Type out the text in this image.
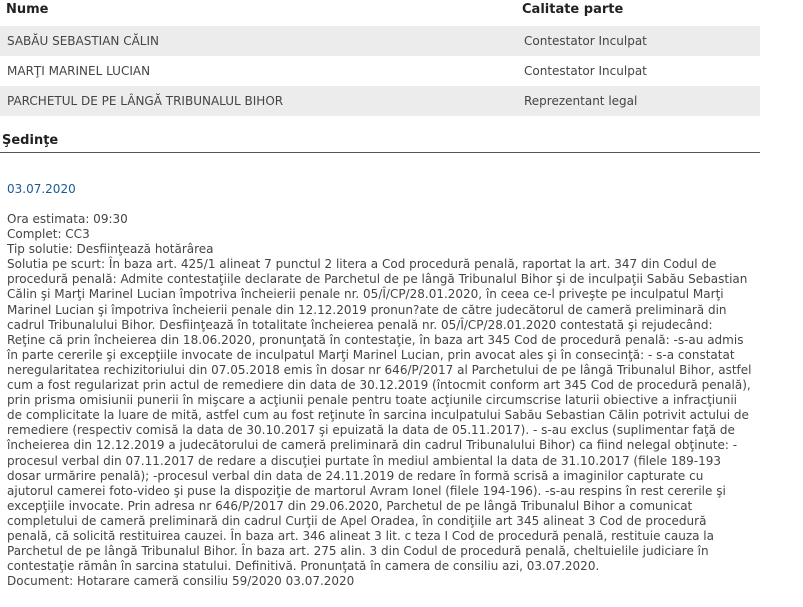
Nume	Calitate parte
SABĂU SEBASTIAN CĂLIN	Contestator Inculpat
MARŢI MARINEL LUCIAN	Contestator Inculpat
PARCHETUL DE PE LÂNGĂ TRIBUNALUL BIHOR	Reprezentant legal
Şedinţe
03.07.2020
Ora estimata: 09:30
Complet: CC3
Tip solutie: Desfiinţează hotărârea
Solutia pe scurt: În baza art. 425/1 alineat 7 punctul 2 litera a Cod procedură penală, raportat la art. 347 din Codul de procedură penală: Admite contestaţiile declarate de Parchetul de pe lângă Tribunalul Bihor şi de inculpaţii Sabău Sebastian Călin şi Marţi Marinel Lucian împotriva încheierii penale nr. 05/Î/CP/28.01.2020, în ceea ce-l priveşte pe inculpatul Marţi Marinel Lucian şi împotriva încheierii penale din 12.12.2019 pronun?ate de către judecătorul de cameră preliminară din cadrul Tribunalului Bihor. Desfiinţează în totalitate încheierea penală nr. 05/Î/CP/28.01.2020 contestată şi rejudecând: Reţine că prin încheierea din 18.06.2020, pronunţată în contestaţie, în baza art 345 Cod de procedură penală: -s-au admis în parte cererile şi excepţiile invocate de inculpatul Marţi Marinel Lucian, prin avocat ales şi în consecinţă: - s-a constatat neregularitatea rechizitoriului din 07.05.2018 emis în dosar nr 646/P/2017 al Parchetului de pe lângă Tribunalul Bihor, astfel cum a fost regularizat prin actul de remediere din data de 30.12.2019 (întocmit conform art 345 Cod de procedură penală), prin prisma omisiunii punerii în mişcare a acţiunii penale pentru toate acţiunile circumscrise laturii obiective a infracţiunii de complicitate la luare de mită, astfel cum au fost reţinute în sarcina inculpatului Sabău Sebastian Călin potrivit actului de remediere (respectiv comisă la data de 30.10.2017 şi epuizată la data de 05.11.2017). - s-au exclus (suplimentar faţă de încheierea din 12.12.2019 a judecătorului de cameră preliminară din cadrul Tribunalului Bihor) ca fiind nelegal obţinute: -procesul verbal din 07.11.2017 de redare a discuţiei purtate în mediul ambiental la data de 31.10.2017 (filele 189-193 dosar urmărire penală); -procesul verbal din data de 24.11.2019 de redare în formă scrisă a imaginilor capturate cu ajutorul camerei foto-video şi puse la dispoziţie de martorul Avram Ionel (filele 194-196). -s-au respins în rest cererile şi excepţiile invocate. Prin adresa nr 646/P/2017 din 29.06.2020, Parchetul de pe lângă Tribunalul Bihor a comunicat completului de cameră preliminară din cadrul Curţii de Apel Oradea, în condiţiile art 345 alineat 3 Cod de procedură penală, că solicită restituirea cauzei. În baza art. 346 alineat 3 lit. c teza I Cod de procedură penală, restituie cauza la Parchetul de pe lângă Tribunalul Bihor. În baza art. 275 alin. 3 din Codul de procedură penală, cheltuielile judiciare în contestaţie rămân în sarcina statului. Definitivă. Pronunţată în camera de consiliu azi, 03.07.2020.
Document: Hotarare cameră consiliu 59/2020 03.07.2020
